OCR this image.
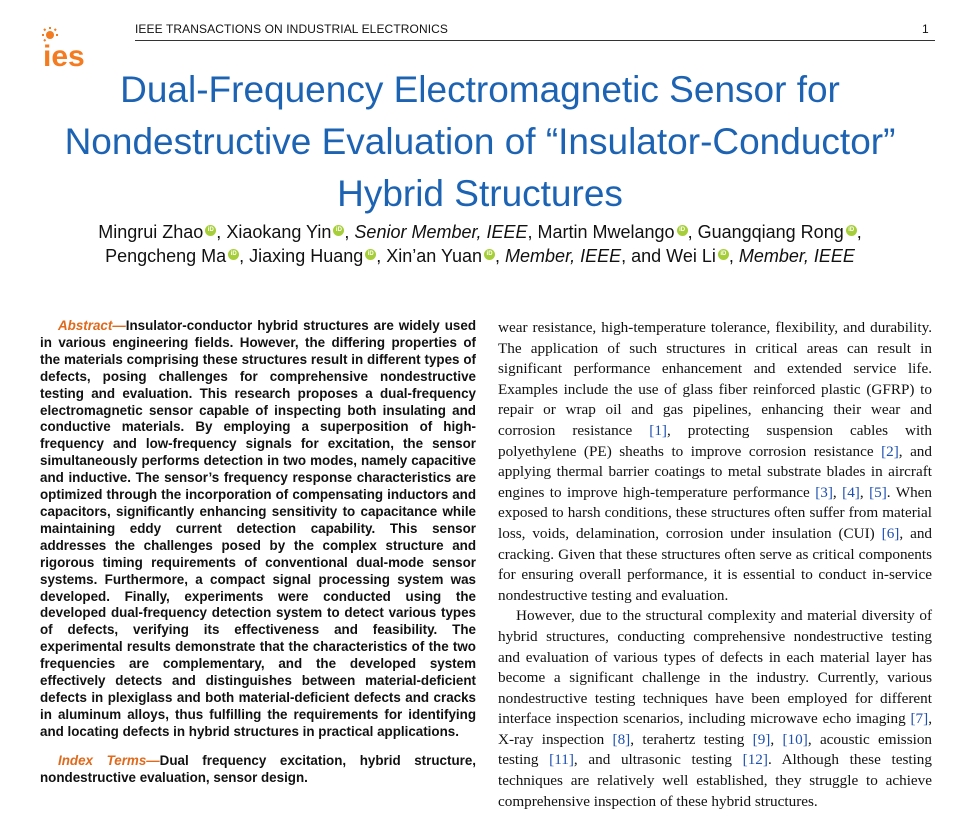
ies
IEEE TRANSACTIONS ON INDUSTRIAL ELECTRONICS	1
Dual-Frequency Electromagnetic Sensor for Nondestructive Evaluation of “Insulator-Conductor” Hybrid Structures
Mingrui Zhao iD , Xiaokang Yin iD , Senior Member, IEEE, Martin Mwelango iD , Guangqiang Rong iD ,
Pengcheng Ma iD , Jiaxing Huang iD , Xin’an Yuan iD , Member, IEEE, and Wei Li iD , Member, IEEE

Abstract—Insulator-conductor hybrid structures are widely used in various engineering fields. However, the differing properties of the materials comprising these structures result in different types of defects, posing challenges for comprehensive nondestructive testing and evaluation. This research proposes a dual-frequency electromagnetic sensor capable of inspecting both insulating and conductive materials. By employing a superposition of high-frequency and low-frequency signals for excitation, the sensor simultaneously performs detection in two modes, namely capacitive and inductive. The sensor’s frequency response characteristics are optimized through the incorporation of compensating inductors and capacitors, significantly enhancing sensitivity to capacitance while maintaining eddy current detection capability. This sensor addresses the challenges posed by the complex structure and rigorous timing requirements of conventional dual-mode sensor systems. Furthermore, a compact signal processing system was developed. Finally, experiments were conducted using the developed dual-frequency detection system to detect various types of defects, verifying its effectiveness and feasibility. The experimental results demonstrate that the characteristics of the two frequencies are complementary, and the developed system effectively detects and distinguishes between material-deficient defects in plexiglass and both material-deficient defects and cracks in aluminum alloys, thus fulfilling the requirements for identifying and locating defects in hybrid structures in practical applications.

Index Terms—Dual frequency excitation, hybrid structure, nondestructive evaluation, sensor design.

wear resistance, high-temperature tolerance, flexibility, and durability. The application of such structures in critical areas can result in significant performance enhancement and extended service life. Examples include the use of glass fiber reinforced plastic (GFRP) to repair or wrap oil and gas pipelines, enhancing their wear and corrosion resistance [1], protecting suspension cables with polyethylene (PE) sheaths to improve corrosion resistance [2], and applying thermal barrier coatings to metal substrate blades in aircraft engines to improve high-temperature performance [3], [4], [5]. When exposed to harsh conditions, these structures often suffer from material loss, voids, delamination, corrosion under insulation (CUI) [6], and cracking. Given that these structures often serve as critical components for ensuring overall performance, it is essential to conduct in-service nondestructive testing and evaluation.

However, due to the structural complexity and material diversity of hybrid structures, conducting comprehensive nondestructive testing and evaluation of various types of defects in each material layer has become a significant challenge in the industry. Currently, various nondestructive testing techniques have been employed for different interface inspection scenarios, including microwave echo imaging [7], X-ray inspection [8], terahertz testing [9], [10], acoustic emission testing [11], and ultrasonic testing [12]. Although these testing techniques are relatively well established, they struggle to achieve comprehensive inspection of these hybrid structures.
